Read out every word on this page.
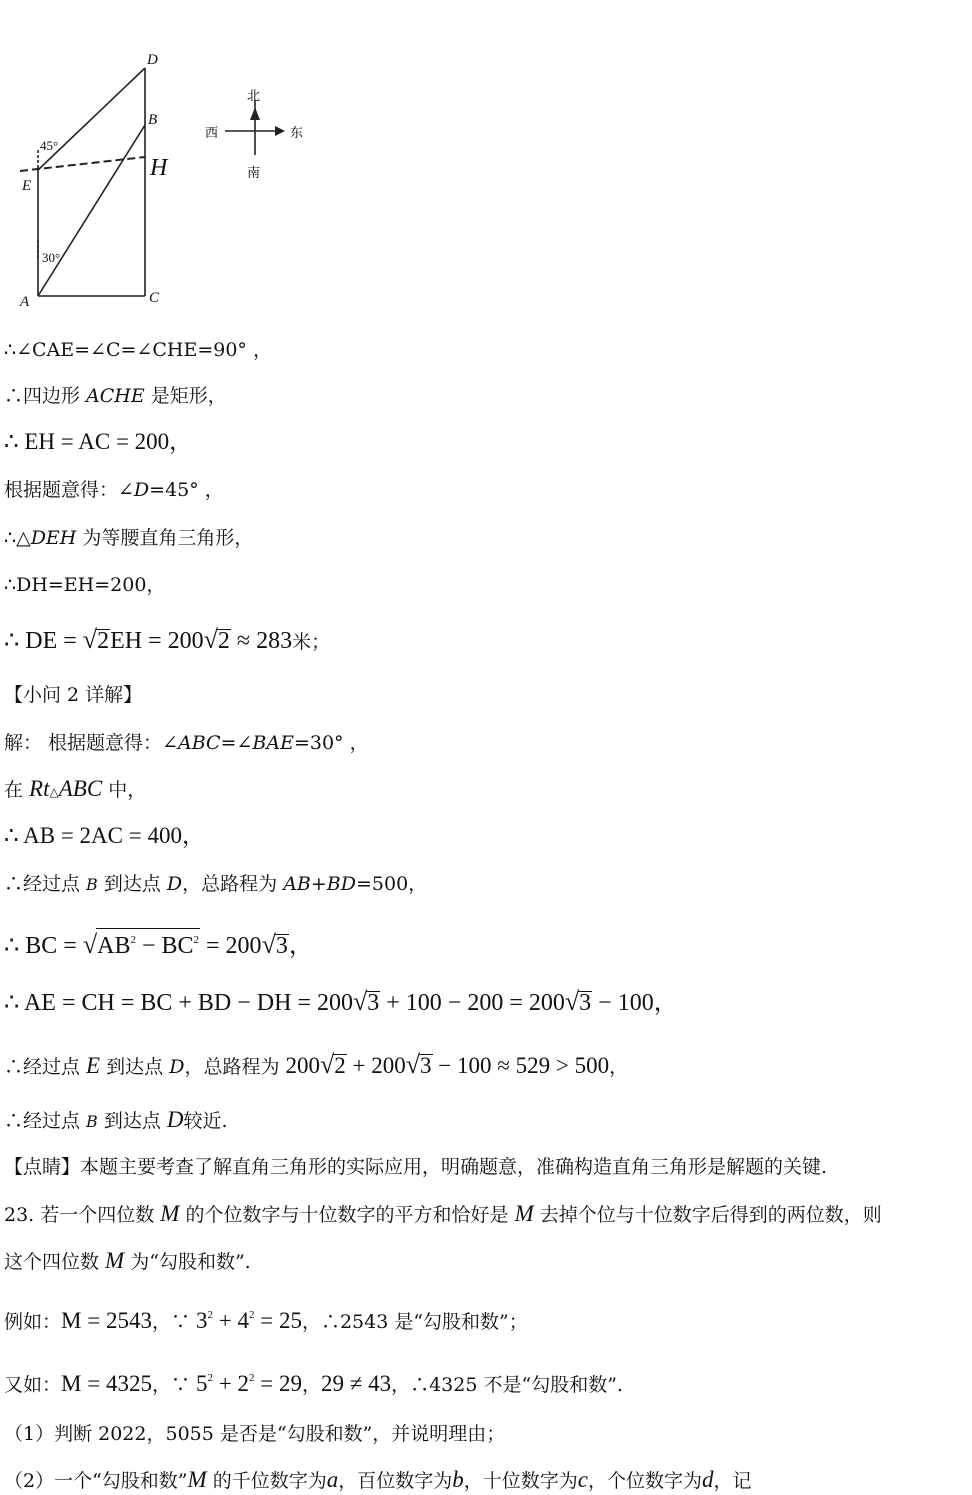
D
B
H
E
A	C
45°
30°
北
南
东
西
∴∠CAE=∠C=∠CHE=90° ，
∴四边形 ACHE 是矩形，
∴ EH = AC = 200，
根据题意得：∠D=45° ，
∴△DEH 为等腰直角三角形，
∴DH=EH=200，
∴ DE = √2EH = 200√2 ≈ 283米；
【小问 2 详解】
解： 根据题意得：∠ABC=∠BAE=30° ，
在 Rt△ABC 中，
∴ AB = 2AC = 400，
∴经过点 B 到达点 D，总路程为 AB+BD=500，
∴ BC = $√AB^2 - BC^2 = 200√3$，
∴ AE = CH = BC + BD − DH = 200√3 + 100 − 200 = 200√3 − 100，
∴经过点 E 到达点 D，总路程为 200√2 + 200√3 − 100 ≈ 529 > 500，
∴经过点 B 到达点 D较近.
【点睛】本题主要考查了解直角三角形的实际应用，明确题意，准确构造直角三角形是解题的关键.
23. 若一个四位数 M 的个位数字与十位数字的平方和恰好是 M 去掉个位与十位数字后得到的两位数，则
这个四位数 M 为“勾股和数”.
例如：M = 2543，∵ $3^2 + 4^2 = 25$，∴2543 是“勾股和数”；
又如：M = 4325，∵ $5^2 + 2^2 = 29$，29 ≠ 43，∴4325 不是“勾股和数”.
（1）判断 2022，5055 是否是“勾股和数”，并说明理由；
（2）一个“勾股和数”M 的千位数字为a，百位数字为b，十位数字为c，个位数字为d，记
